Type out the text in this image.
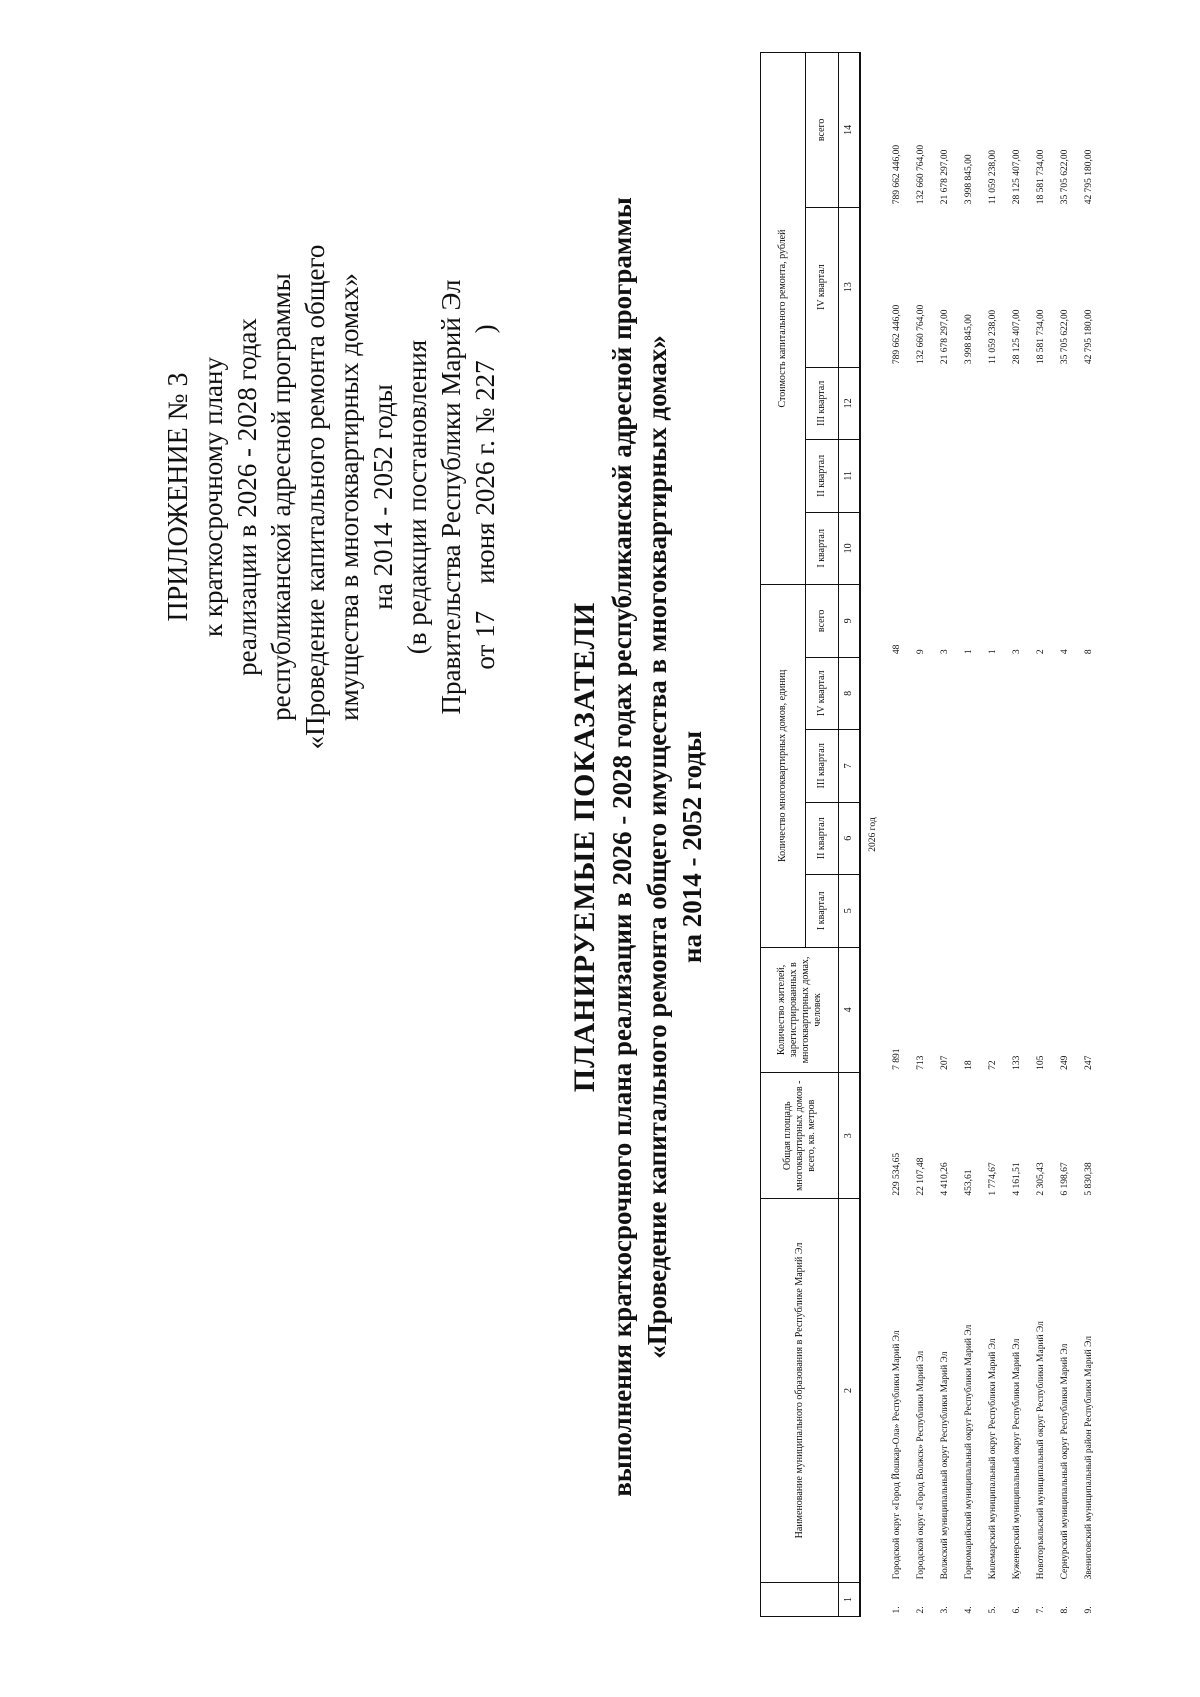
ПРИЛОЖЕНИЕ № 3 к краткосрочному плану реализации в 2026 - 2028 годах республиканской адресной программы «Проведение капитального ремонта общего имущества в многоквартирных домах» на 2014 - 2052 годы (в редакции постановления Правительства Республики Марий Эл от 17    июня 2026 г. № 227    )
ПЛАНИРУЕМЫЕ ПОКАЗАТЕЛИ выполнения краткосрочного плана реализации в 2026 - 2028 годах республиканской адресной программы «Проведение капитального ремонта общего имущества в многоквартирных домах» на 2014 - 2052 годы
	Наименование муниципального образования в Республике Марий Эл	Общая площадь многоквартирных домов - всего, кв. метров	Количество жителей, зарегистрированных в многоквартирных домах, человек	Количество многоквартирных домов, единиц					Стоимость капитального ремонта, рублей				
				I квартал	II квартал	III квартал	IV квартал	всего	I квартал	II квартал	III квартал	IV квартал	всего
1	2	3	4	5	6	7	8	9	10	11	12	13	14
2026 год													
1.	Городской округ «Город Йошкар-Ола» Республики Марий Эл	229 534,65	7 891					48				789 662 446,00	789 662 446,00
2.	Городской округ «Город Волжск» Республики Марий Эл	22 107,48	713					9				132 660 764,00	132 660 764,00
3.	Волжский муниципальный округ Республики Марий Эл	4 410,26	207					3				21 678 297,00	21 678 297,00
4.	Горномарийский муниципальный округ Республики Марий Эл	453,61	18					1				3 998 845,00	3 998 845,00
5.	Килемарский муниципальный округ Республики Марий Эл	1 774,67	72					1				11 059 238,00	11 059 238,00
6.	Куженерский муниципальный округ Республики Марий Эл	4 161,51	133					3				28 125 407,00	28 125 407,00
7.	Новоторъяльский муниципальный округ Республики Марий Эл	2 305,43	105					2				18 581 734,00	18 581 734,00
8.	Сернурский муниципальный округ Республики Марий Эл	6 198,67	249					4				35 705 622,00	35 705 622,00
9.	Звениговский муниципальный район Республики Марий Эл	5 830,38	247					8				42 795 180,00	42 795 180,00
